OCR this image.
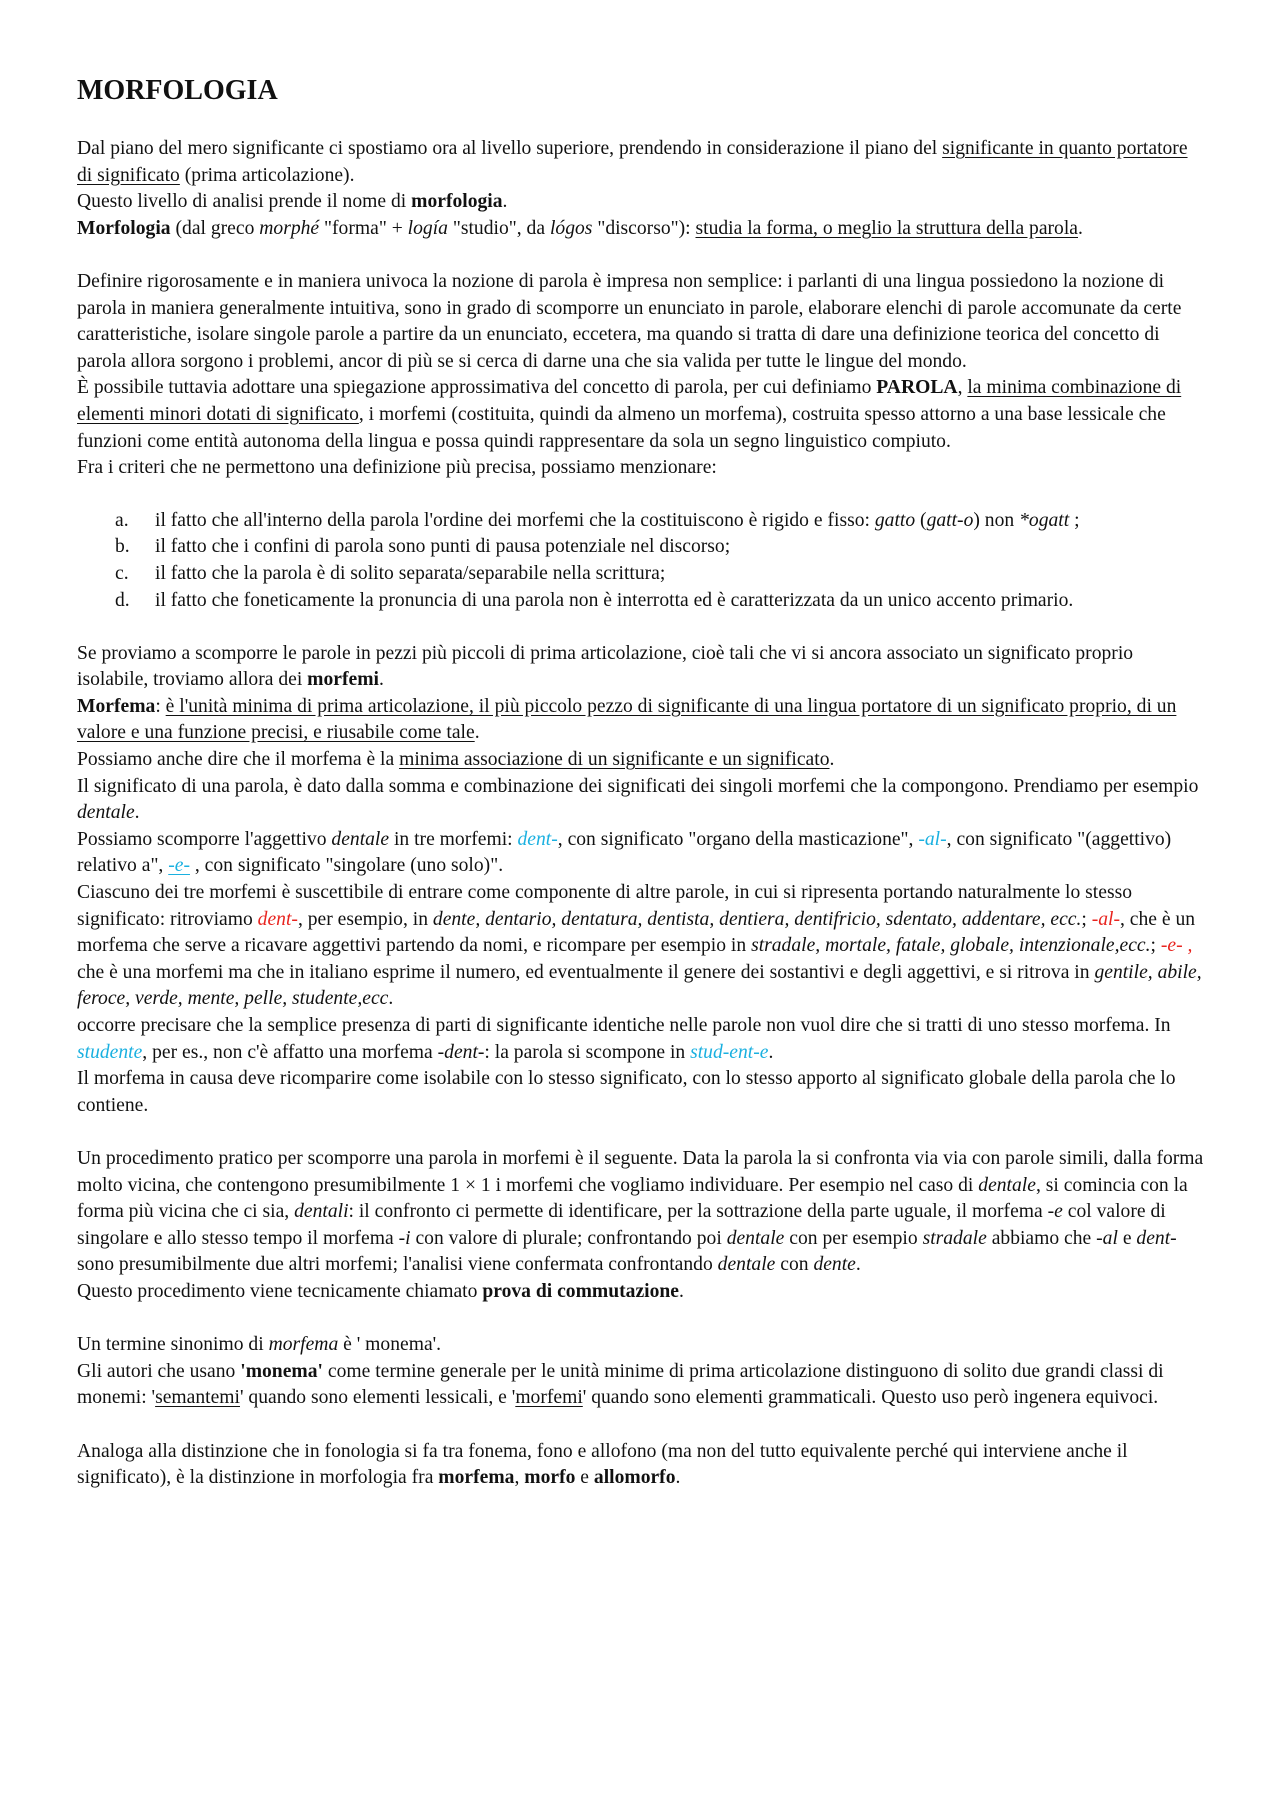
MORFOLOGIA

Dal piano del mero significante ci spostiamo ora al livello superiore, prendendo in considerazione il piano del significante in quanto portatore di significato (prima articolazione).

Questo livello di analisi prende il nome di morfologia.

Morfologia (dal greco morphé "forma" + logía "studio", da lógos "discorso"): studia la forma, o meglio la struttura della parola.

Definire rigorosamente e in maniera univoca la nozione di parola è impresa non semplice: i parlanti di una lingua possiedono la nozione di parola in maniera generalmente intuitiva, sono in grado di scomporre un enunciato in parole, elaborare elenchi di parole accomunate da certe caratteristiche, isolare singole parole a partire da un enunciato, eccetera, ma quando si tratta di dare una definizione teorica del concetto di parola allora sorgono i problemi, ancor di più se si cerca di darne una che sia valida per tutte le lingue del mondo.

È possibile tuttavia adottare una spiegazione approssimativa del concetto di parola, per cui definiamo PAROLA, la minima combinazione di elementi minori dotati di significato, i morfemi (costituita, quindi da almeno un morfema), costruita spesso attorno a una base lessicale che funzioni come entità autonoma della lingua e possa quindi rappresentare da sola un segno linguistico compiuto.

Fra i criteri che ne permettono una definizione più precisa, possiamo menzionare:

a. il fatto che all'interno della parola l'ordine dei morfemi che la costituiscono è rigido e fisso: gatto (gatt-o) non *ogatt ;
b. il fatto che i confini di parola sono punti di pausa potenziale nel discorso;
c. il fatto che la parola è di solito separata/separabile nella scrittura;
d. il fatto che foneticamente la pronuncia di una parola non è interrotta ed è caratterizzata da un unico accento primario.

Se proviamo a scomporre le parole in pezzi più piccoli di prima articolazione, cioè tali che vi si ancora associato un significato proprio isolabile, troviamo allora dei morfemi.

Morfema: è l'unità minima di prima articolazione, il più piccolo pezzo di significante di una lingua portatore di un significato proprio, di un valore e una funzione precisi, e riusabile come tale.

Possiamo anche dire che il morfema è la minima associazione di un significante e un significato.

Il significato di una parola, è dato dalla somma e combinazione dei significati dei singoli morfemi che la compongono. Prendiamo per esempio dentale.

Possiamo scomporre l'aggettivo dentale in tre morfemi: dent-, con significato "organo della masticazione", -al-, con significato "(aggettivo) relativo a", -e- , con significato "singolare (uno solo)".

Ciascuno dei tre morfemi è suscettibile di entrare come componente di altre parole, in cui si ripresenta portando naturalmente lo stesso significato: ritroviamo dent-, per esempio, in dente, dentario, dentatura, dentista, dentiera, dentifricio, sdentato, addentare, ecc.; -al-, che è un morfema che serve a ricavare aggettivi partendo da nomi, e ricompare per esempio in stradale, mortale, fatale, globale, intenzionale,ecc.; -e- , che è una morfemi ma che in italiano esprime il numero, ed eventualmente il genere dei sostantivi e degli aggettivi, e si ritrova in gentile, abile, feroce, verde, mente, pelle, studente,ecc.

occorre precisare che la semplice presenza di parti di significante identiche nelle parole non vuol dire che si tratti di uno stesso morfema. In studente, per es., non c'è affatto una morfema -dent-: la parola si scompone in stud-ent-e.

Il morfema in causa deve ricomparire come isolabile con lo stesso significato, con lo stesso apporto al significato globale della parola che lo contiene.

Un procedimento pratico per scomporre una parola in morfemi è il seguente. Data la parola la si confronta via via con parole simili, dalla forma molto vicina, che contengono presumibilmente 1 × 1 i morfemi che vogliamo individuare. Per esempio nel caso di dentale, si comincia con la forma più vicina che ci sia, dentali: il confronto ci permette di identificare, per la sottrazione della parte uguale, il morfema -e col valore di singolare e allo stesso tempo il morfema -i con valore di plurale; confrontando poi dentale con per esempio stradale abbiamo che -al e dent- sono presumibilmente due altri morfemi; l'analisi viene confermata confrontando dentale con dente.

Questo procedimento viene tecnicamente chiamato prova di commutazione.

Un termine sinonimo di morfema è ' monema'.

Gli autori che usano 'monema' come termine generale per le unità minime di prima articolazione distinguono di solito due grandi classi di monemi: 'semantemi' quando sono elementi lessicali, e 'morfemi' quando sono elementi grammaticali. Questo uso però ingenera equivoci.

Analoga alla distinzione che in fonologia si fa tra fonema, fono e allofono (ma non del tutto equivalente perché qui interviene anche il significato), è la distinzione in morfologia fra morfema, morfo e allomorfo.
